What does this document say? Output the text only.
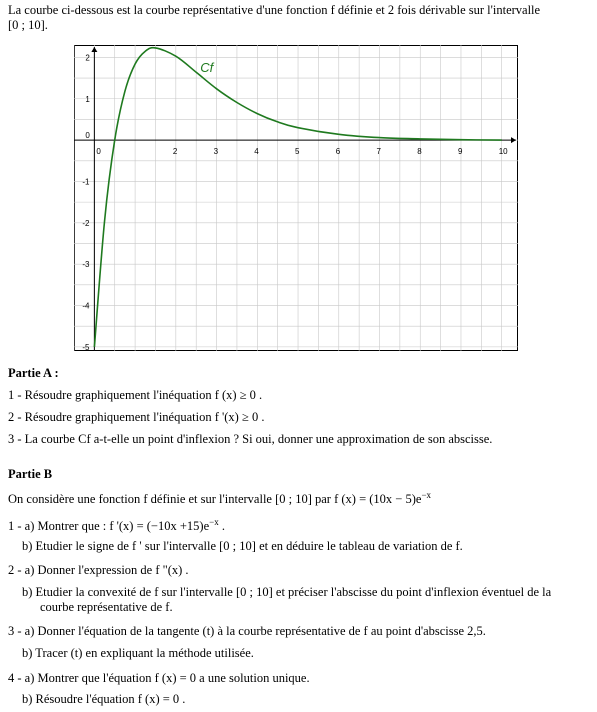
La courbe ci-dessous est la courbe représentative d'une fonction f définie et 2 fois dérivable sur l'intervalle
[0 ; 10].
0	2	3	4	5	6	7	8	9	10
2
1
0
-1
-2
-3
-4
-5
Cf
Partie A :
1 - Résoudre graphiquement l'inéquation f (x) ≥ 0 .
2 - Résoudre graphiquement l'inéquation f '(x) ≥ 0 .
3 - La courbe Cf a-t-elle un point d'inflexion ? Si oui, donner une approximation de son abscisse.
Partie B
On considère une fonction f définie et sur l'intervalle [0 ; 10] par f $(x) = (10x - 5)e^{-x}$
1 - a) Montrer que : f '$(x) = (-10x +15)e^{-x}$ .
b) Etudier le signe de f ' sur l'intervalle [0 ; 10] et en déduire le tableau de variation de f.
2 - a) Donner l'expression de f "(x) .
b) Etudier la convexité de f sur l'intervalle [0 ; 10] et préciser l'abscisse du point d'inflexion éventuel de la
courbe représentative de f.
3 - a) Donner l'équation de la tangente (t) à la courbe représentative de f au point d'abscisse 2,5.
b) Tracer (t) en expliquant la méthode utilisée.
4 - a) Montrer que l'équation f (x) = 0 a une solution unique.
b) Résoudre l'équation f (x) = 0 .
